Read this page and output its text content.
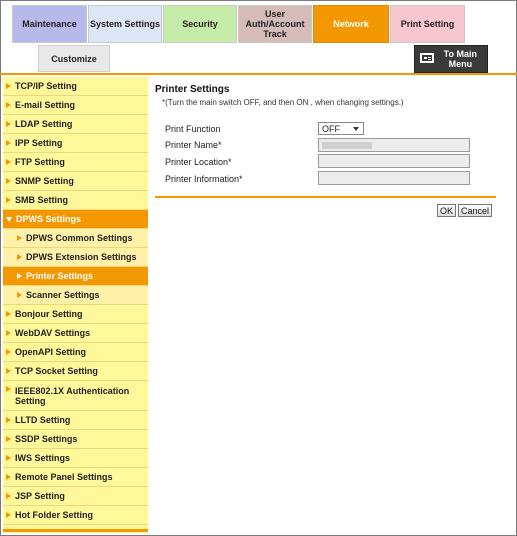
Maintenance System Settings Security
User
Auth/Account
Track
Network	Print Setting
Customize	To Main
Menu
TCP/IP Setting
E-mail Setting
LDAP Setting
IPP Setting
FTP Setting
SNMP Setting
SMB Setting
DPWS Settings
DPWS Common Settings
DPWS Extension Settings
Printer Settings
Scanner Settings
Bonjour Setting
WebDAV Settings
OpenAPI Setting
TCP Socket Setting
IEEE802.1X Authentication
Setting
LLTD Setting
SSDP Settings
IWS Settings
Remote Panel Settings
JSP Setting
Hot Folder Setting
Printer Settings
*(Turn the main switch OFF, and then ON , when changing settings.)
Print Function	OFF
Printer Name*
Printer Location*
Printer Information*
OK Cancel
